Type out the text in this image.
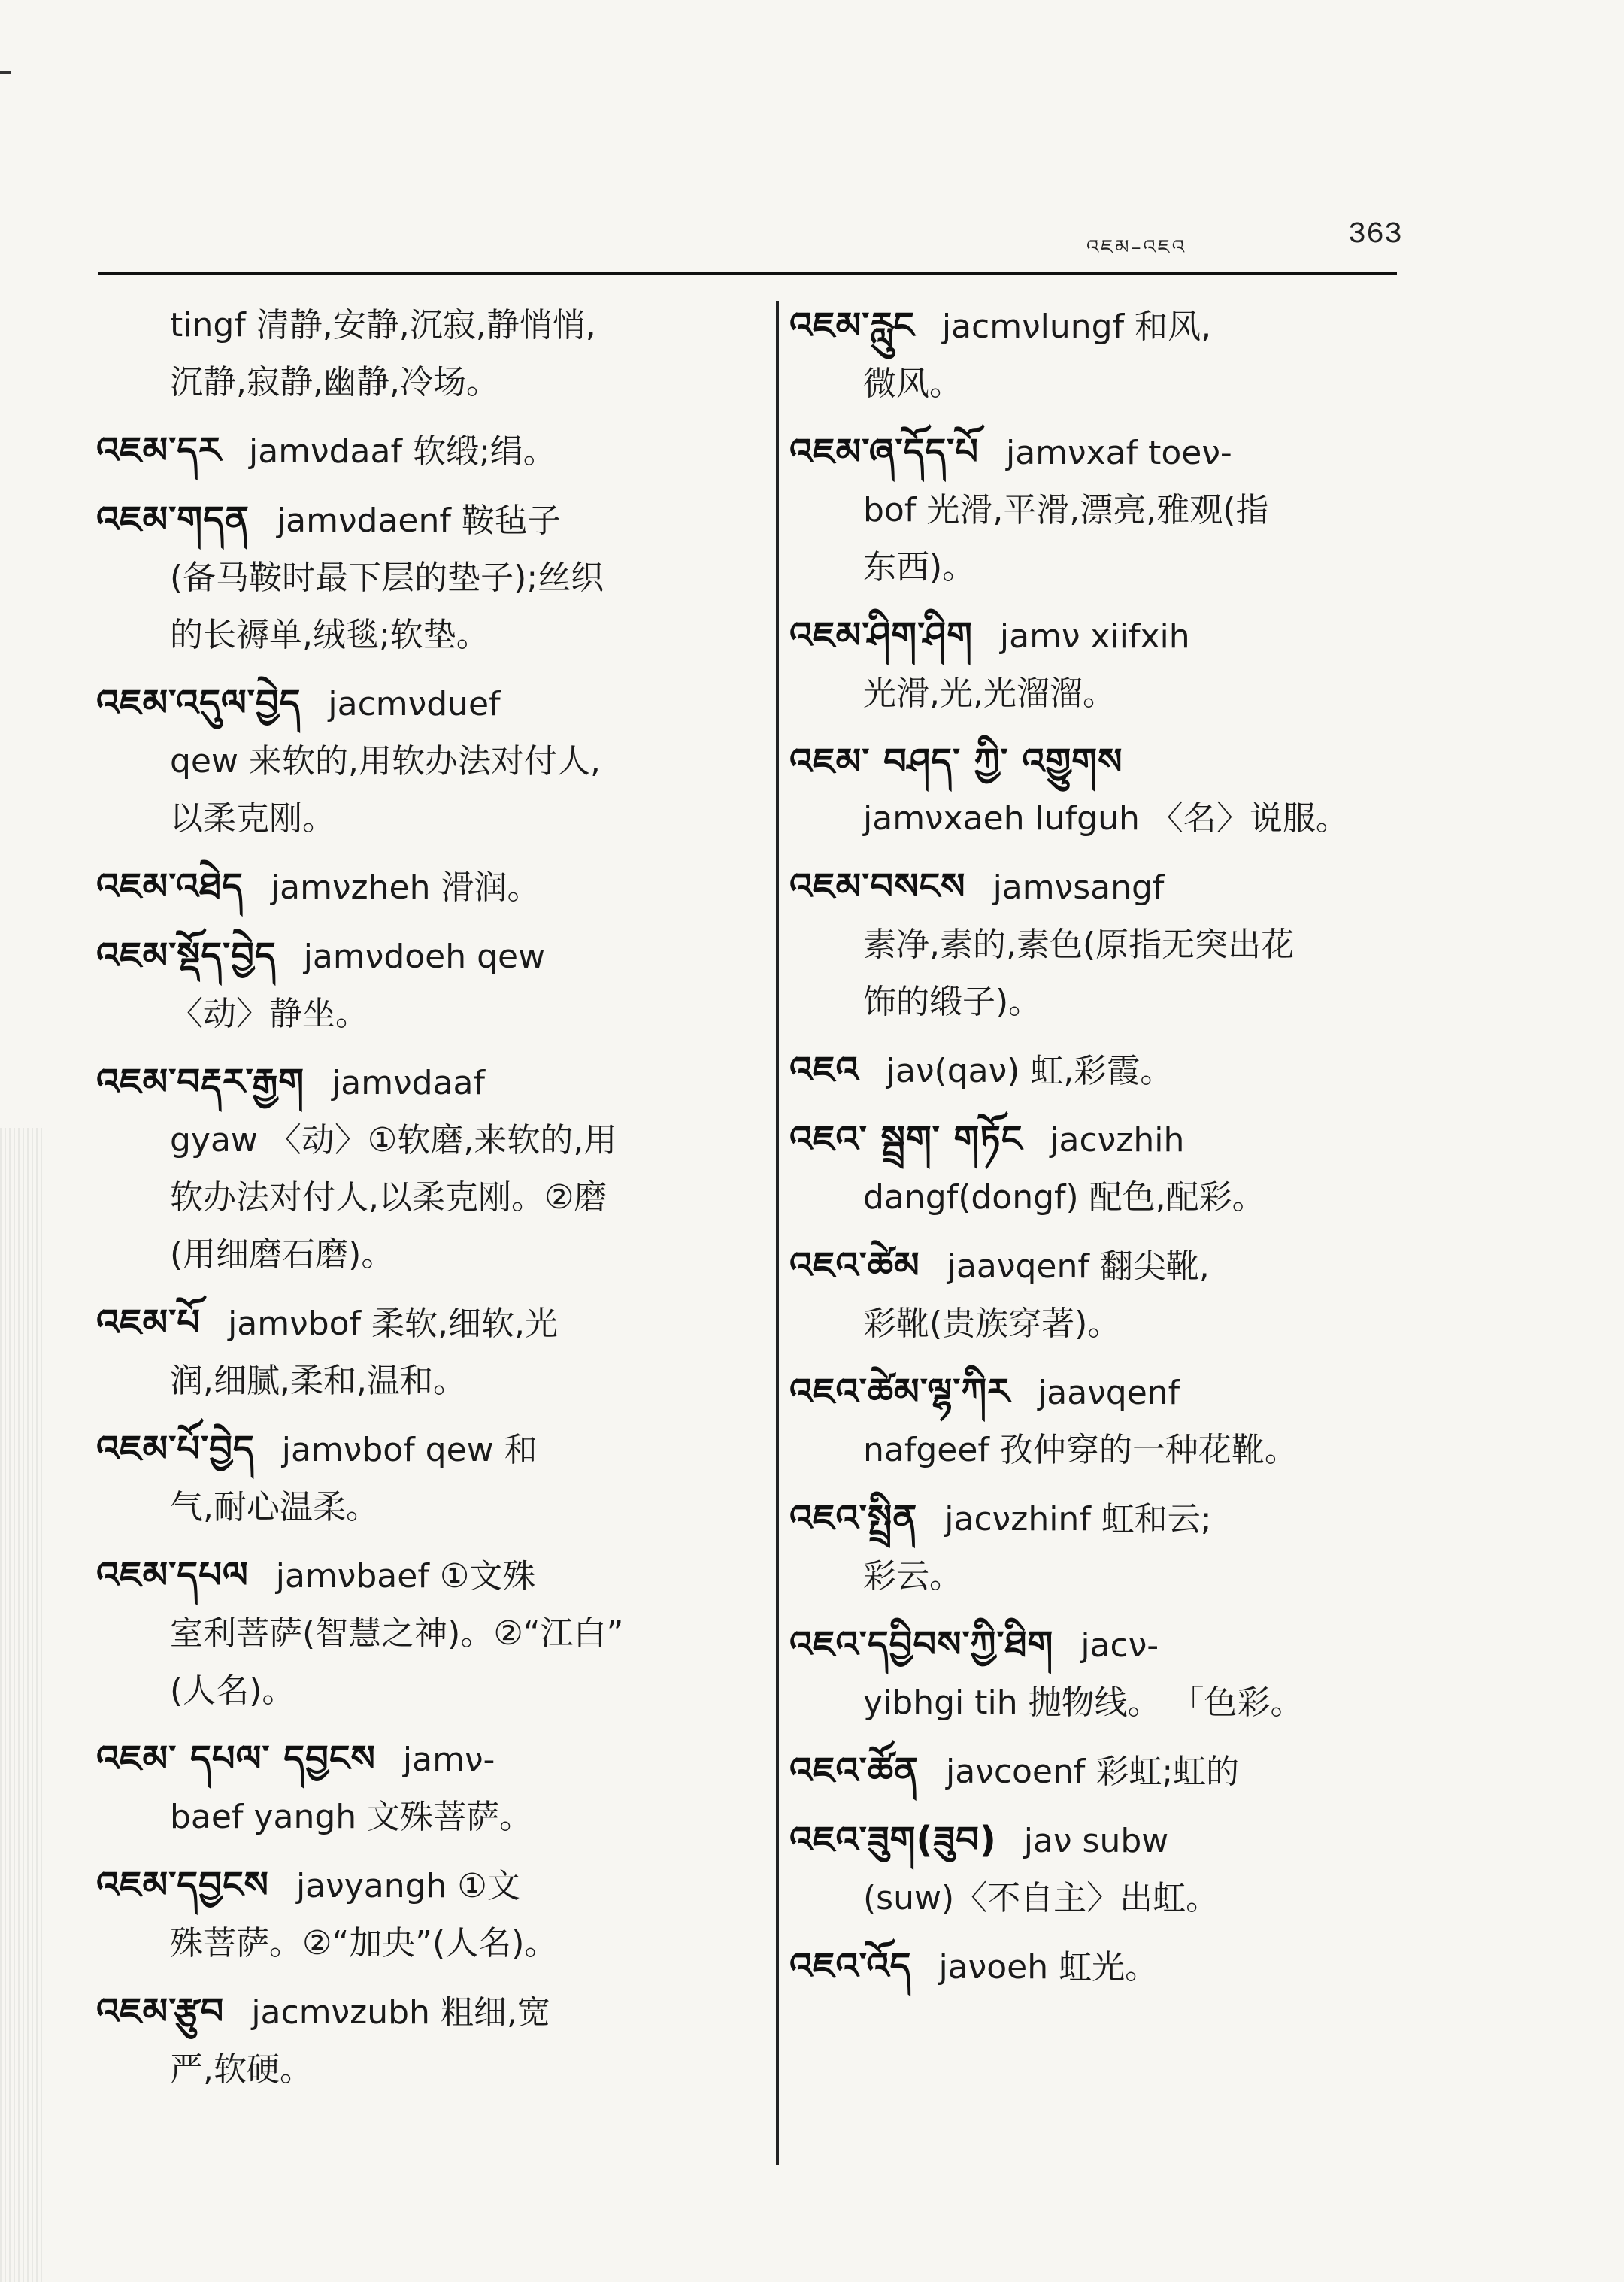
འཇམ–འཇའ	363
tingf 清静,安静,沉寂,静悄悄,
沉静,寂静,幽静,冷场。
འཇམ་དར jamνdaaf 软缎;绢。
འཇམ་གདན jamνdaenf 鞍毡子
(备马鞍时最下层的垫子);丝织
的长褥单,绒毯;软垫。
འཇམ་འདུལ་བྱེད jacmνduef
qew 来软的,用软办法对付人,
以柔克刚。
འཇམ་འཐེད jamνzheh 滑润。
འཇམ་སྡོད་བྱེད jamνdoeh qew
〈动〉静坐。
འཇམ་བརྡར་རྒྱག jamνdaaf
gyaw 〈动〉①软磨,来软的,用
软办法对付人,以柔克刚。②磨
(用细磨石磨)。
འཇམ་པོ jamνbof 柔软,细软,光
润,细腻,柔和,温和。
འཇམ་པོ་བྱེད jamνbof qew 和
气,耐心温柔。
འཇམ་དཔལ jamνbaef ①文殊
室利菩萨(智慧之神)。②“江白”
(人名)。
འཇམ་ དཔལ་ དབྱངས jamν-
baef yangh 文殊菩萨。
འཇམ་དབྱངས jaνyangh ①文
殊菩萨。②“加央”(人名)。
འཇམ་རྩུབ jacmνzubh 粗细,宽
严,软硬。
འཇམ་རླུང jacmνlungf 和风,
微风。
འཇམ་ཞ་དོད་པོ jamνxaf toeν-
bof 光滑,平滑,漂亮,雅观(指
东西)。
འཇམ་ཤིག་ཤིག jamν xiifxih
光滑,光,光溜溜。
འཇམ་ བཤད་ ཀྱི་ འགྱུགས
jamνxaeh lufguh 〈名〉说服。
འཇམ་བསངས jamνsangf
素净,素的,素色(原指无突出花
饰的缎子)。
འཇའ jaν(qaν) 虹,彩霞。
འཇའ་ སྦྲག་ གཏོང jacνzhih
dangf(dongf) 配色,配彩。
འཇའ་ཚེམ jaaνqenf 翻尖靴,
彩靴(贵族穿著)。
འཇའ་ཚེམ་ལྷ་ཀིར jaaνqenf
nafgeef 孜仲穿的一种花靴。
འཇའ་སྤྲིན jacνzhinf 虹和云;
彩云。
འཇའ་དབྱིབས་ཀྱི་ཐིག jacν-
yibhgi tih 抛物线。 「色彩。
འཇའ་ཚོན jaνcoenf 彩虹;虹的
འཇའ་ཟུག(ཟུབ) jaν subw
(suw)〈不自主〉出虹。
འཇའ་འོད jaνoeh 虹光。
